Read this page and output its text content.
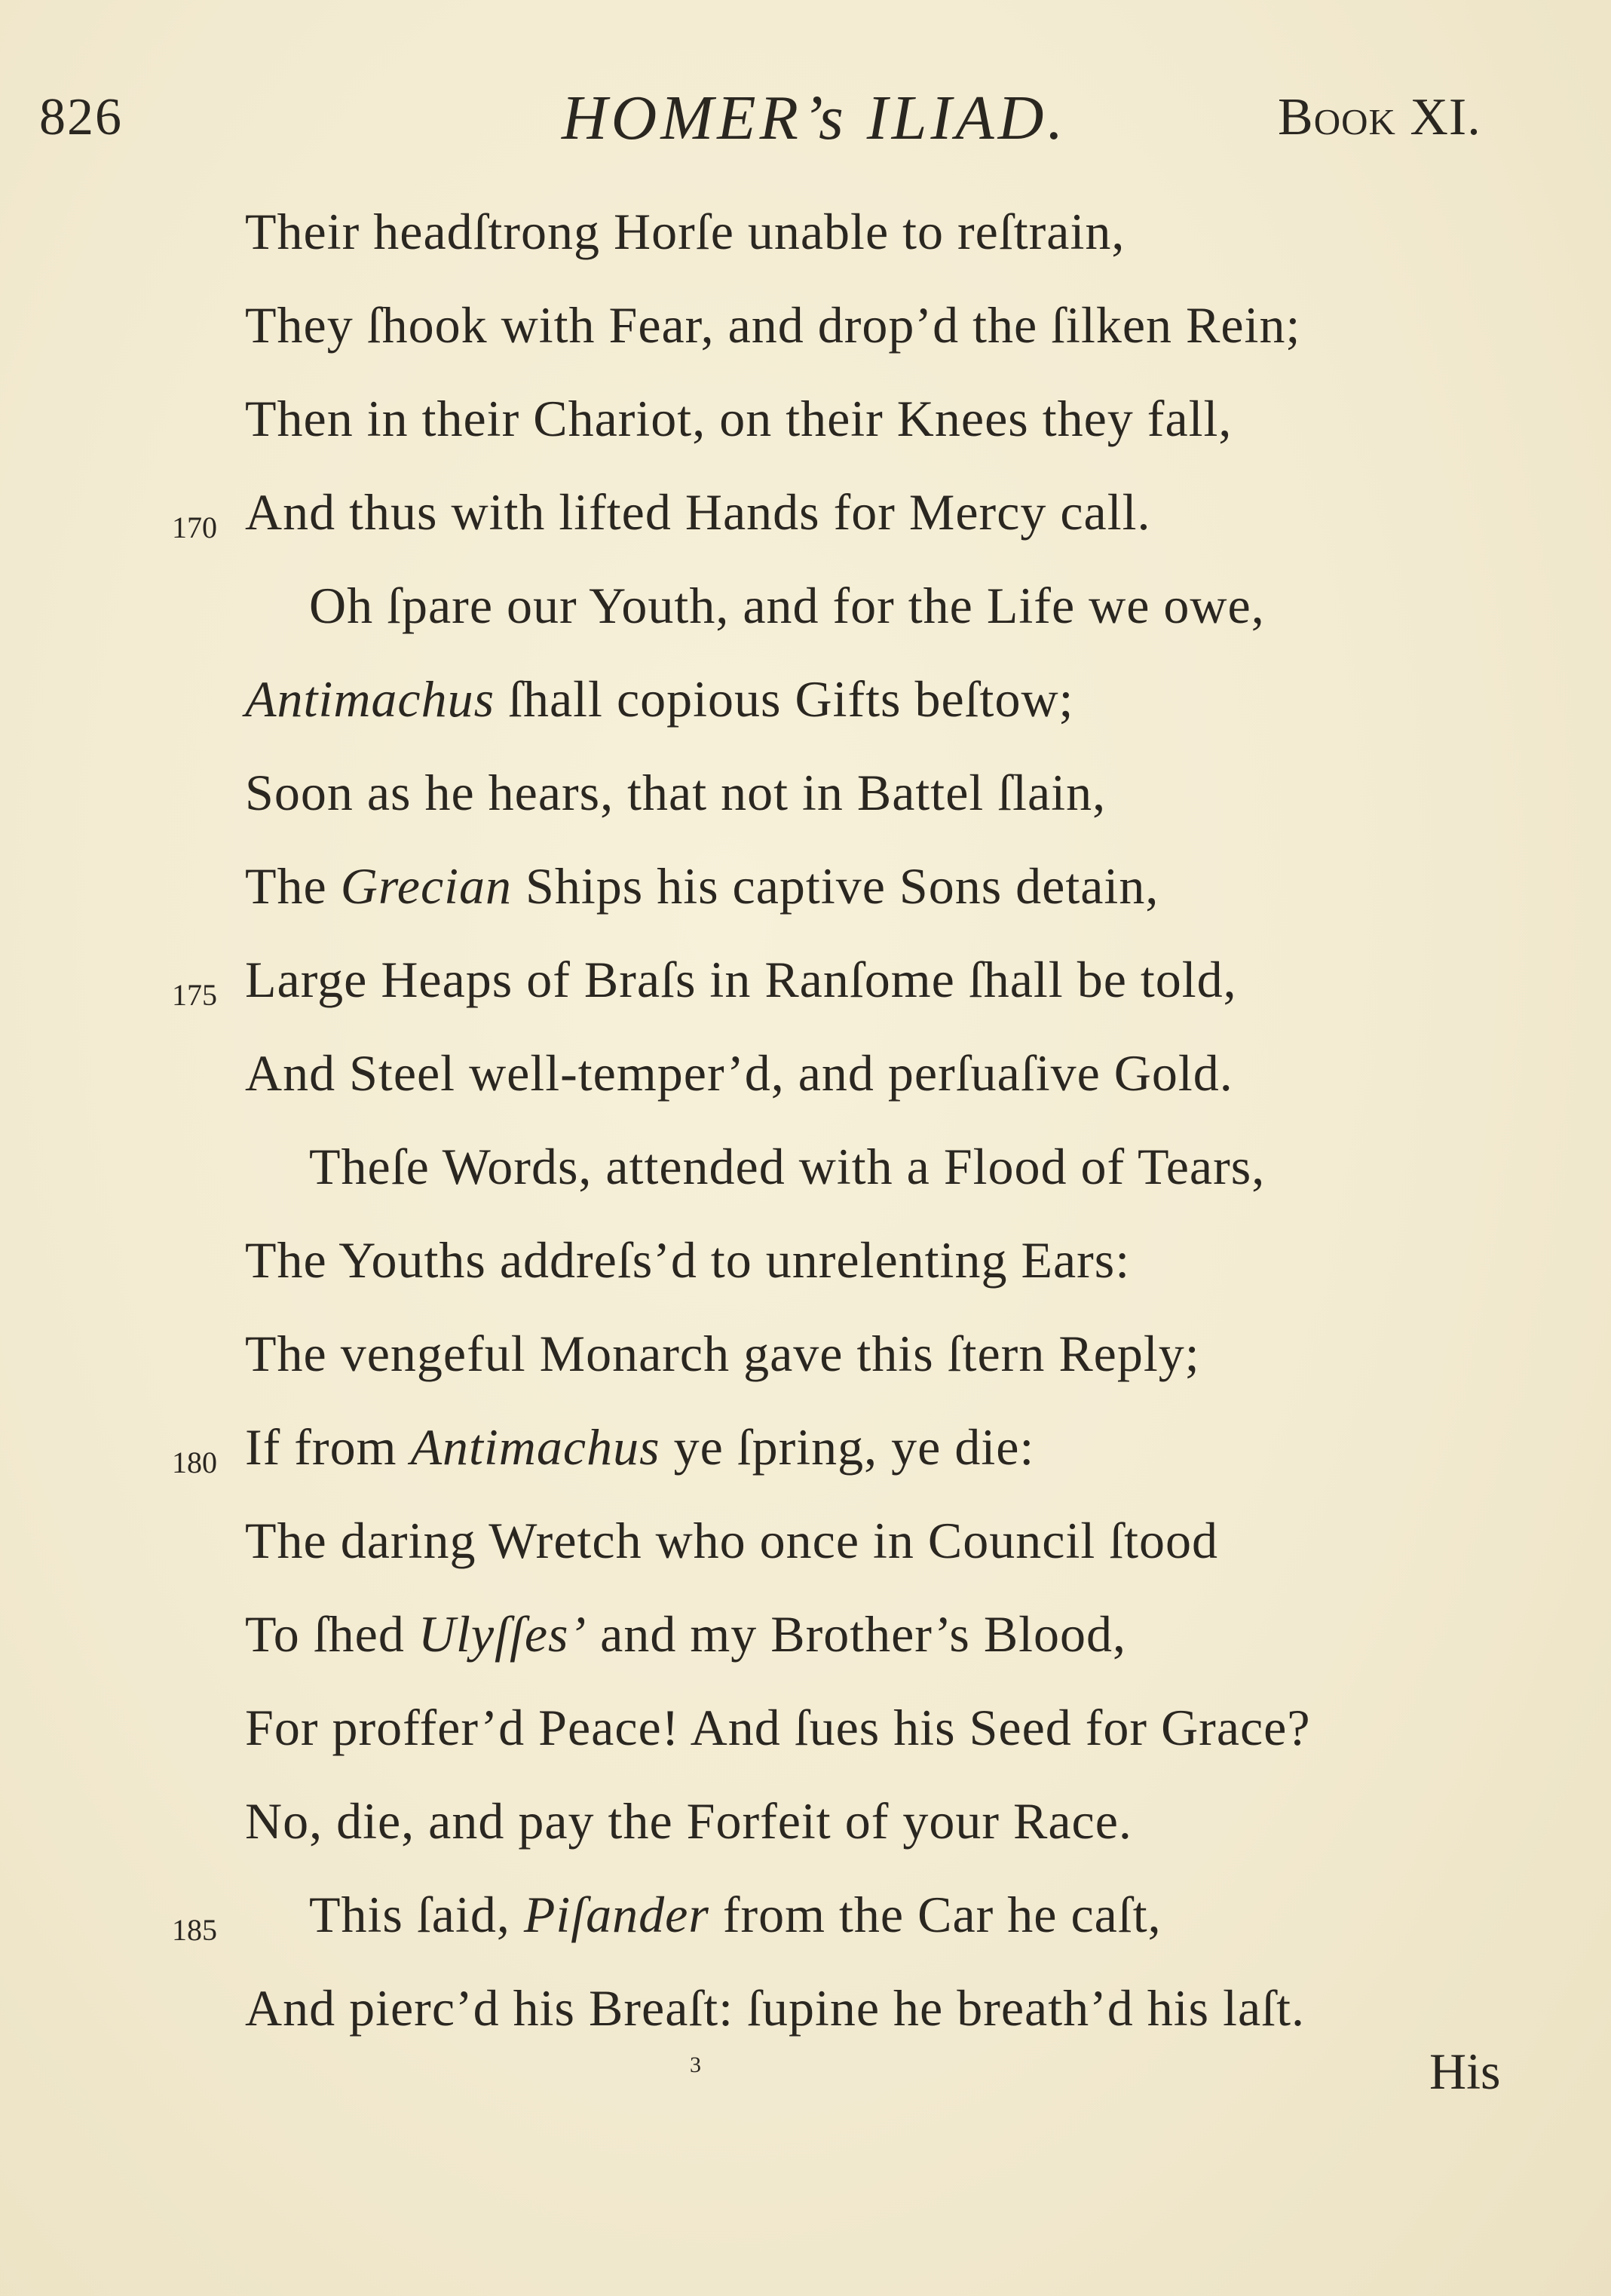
826	HOMER’s ILIAD.	Book XI.
Their headſtrong Horſe unable to reſtrain,
They ſhook with Fear, and drop’d the ſilken Rein;
Then in their Chariot, on their Knees they fall,
170 And thus with lifted Hands for Mercy call.
Oh ſpare our Youth, and for the Life we owe,
Antimachus ſhall copious Gifts beſtow;
Soon as he hears, that not in Battel ſlain,
The Grecian Ships his captive Sons detain,
175 Large Heaps of Braſs in Ranſome ſhall be told,
And Steel well-temper’d, and perſuaſive Gold.
Theſe Words, attended with a Flood of Tears,
The Youths addreſs’d to unrelenting Ears:
The vengeful Monarch gave this ſtern Reply;
180 If from Antimachus ye ſpring, ye die:
The daring Wretch who once in Council ſtood
To ſhed Ulyſſes’ and my Brother’s Blood,
For proffer’d Peace! And ſues his Seed for Grace?
No, die, and pay the Forfeit of your Race.
185 This ſaid, Piſander from the Car he caſt,
And pierc’d his Breaſt: ſupine he breath’d his laſt.
3	His
